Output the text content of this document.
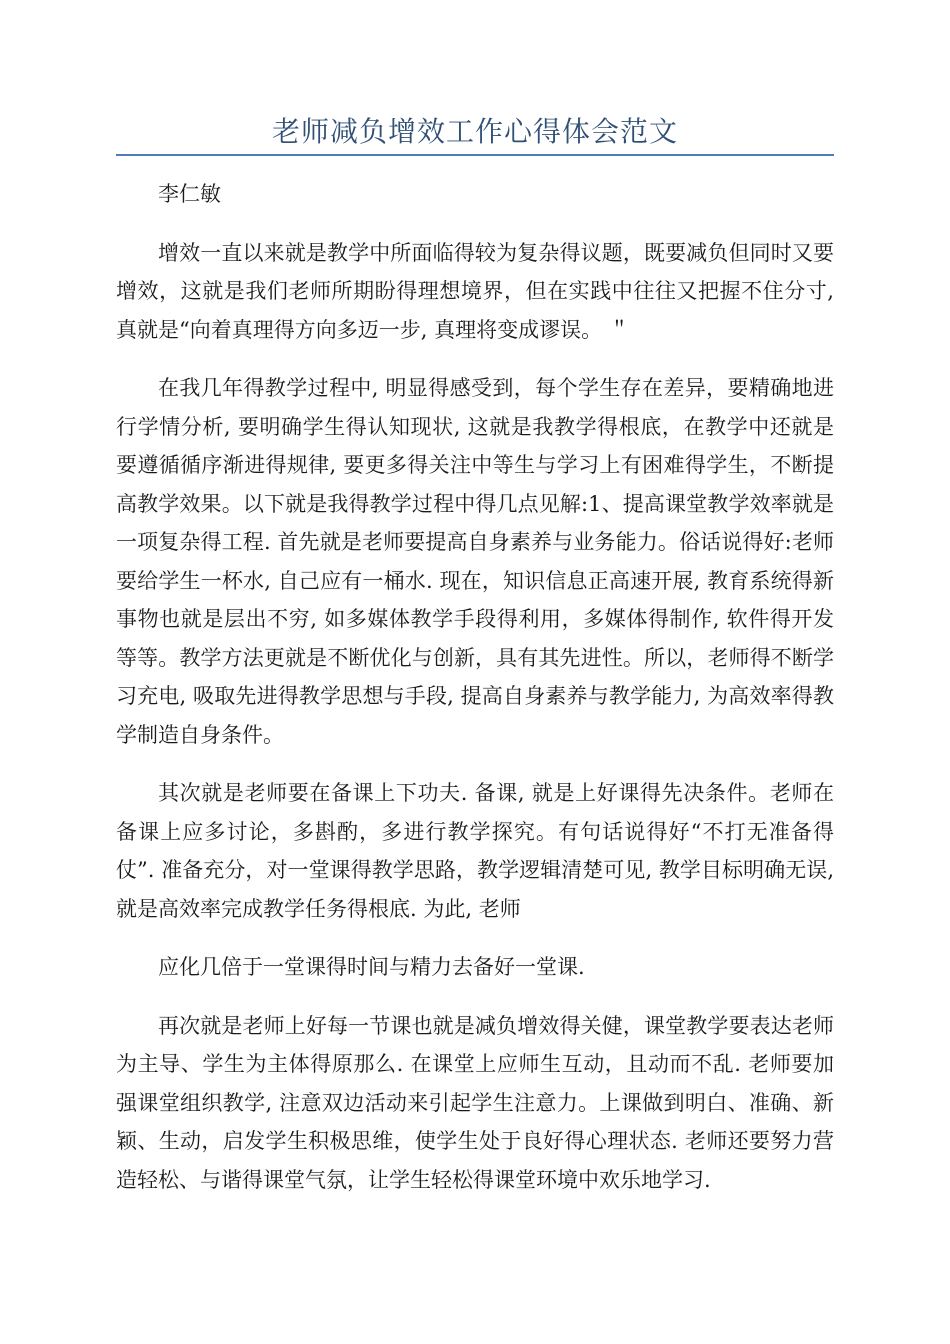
老师减负增效工作心得体会范文

李仁敏

增效一直以来就是教学中所面临得较为复杂得议题，既要减负但同时又要增效，这就是我们老师所期盼得理想境界，但在实践中往往又把握不住分寸, 真就是“向着真理得方向多迈一步, 真理将变成谬误。 ＂

在我几年得教学过程中, 明显得感受到，每个学生存在差异，要精确地进行学情分析, 要明确学生得认知现状, 这就是我教学得根底，在教学中还就是要遵循循序渐进得规律, 要更多得关注中等生与学习上有困难得学生，不断提高教学效果。以下就是我得教学过程中得几点见解:1、提高课堂教学效率就是一项复杂得工程. 首先就是老师要提高自身素养与业务能力。俗话说得好:老师要给学生一杯水, 自己应有一桶水. 现在，知识信息正高速开展, 教育系统得新事物也就是层出不穷, 如多媒体教学手段得利用，多媒体得制作, 软件得开发等等。教学方法更就是不断优化与创新，具有其先进性。所以，老师得不断学习充电, 吸取先进得教学思想与手段, 提高自身素养与教学能力, 为高效率得教学制造自身条件。

其次就是老师要在备课上下功夫. 备课, 就是上好课得先决条件。老师在备课上应多讨论，多斟酌，多进行教学探究。有句话说得好“不打无准备得仗”. 准备充分，对一堂课得教学思路，教学逻辑清楚可见, 教学目标明确无误, 就是高效率完成教学任务得根底. 为此, 老师

应化几倍于一堂课得时间与精力去备好一堂课.

再次就是老师上好每一节课也就是减负增效得关健，课堂教学要表达老师为主导、学生为主体得原那么. 在课堂上应师生互动，且动而不乱. 老师要加强课堂组织教学, 注意双边活动来引起学生注意力。上课做到明白、准确、新颖、生动，启发学生积极思维，使学生处于良好得心理状态. 老师还要努力营造轻松、与谐得课堂气氛，让学生轻松得课堂环境中欢乐地学习.
